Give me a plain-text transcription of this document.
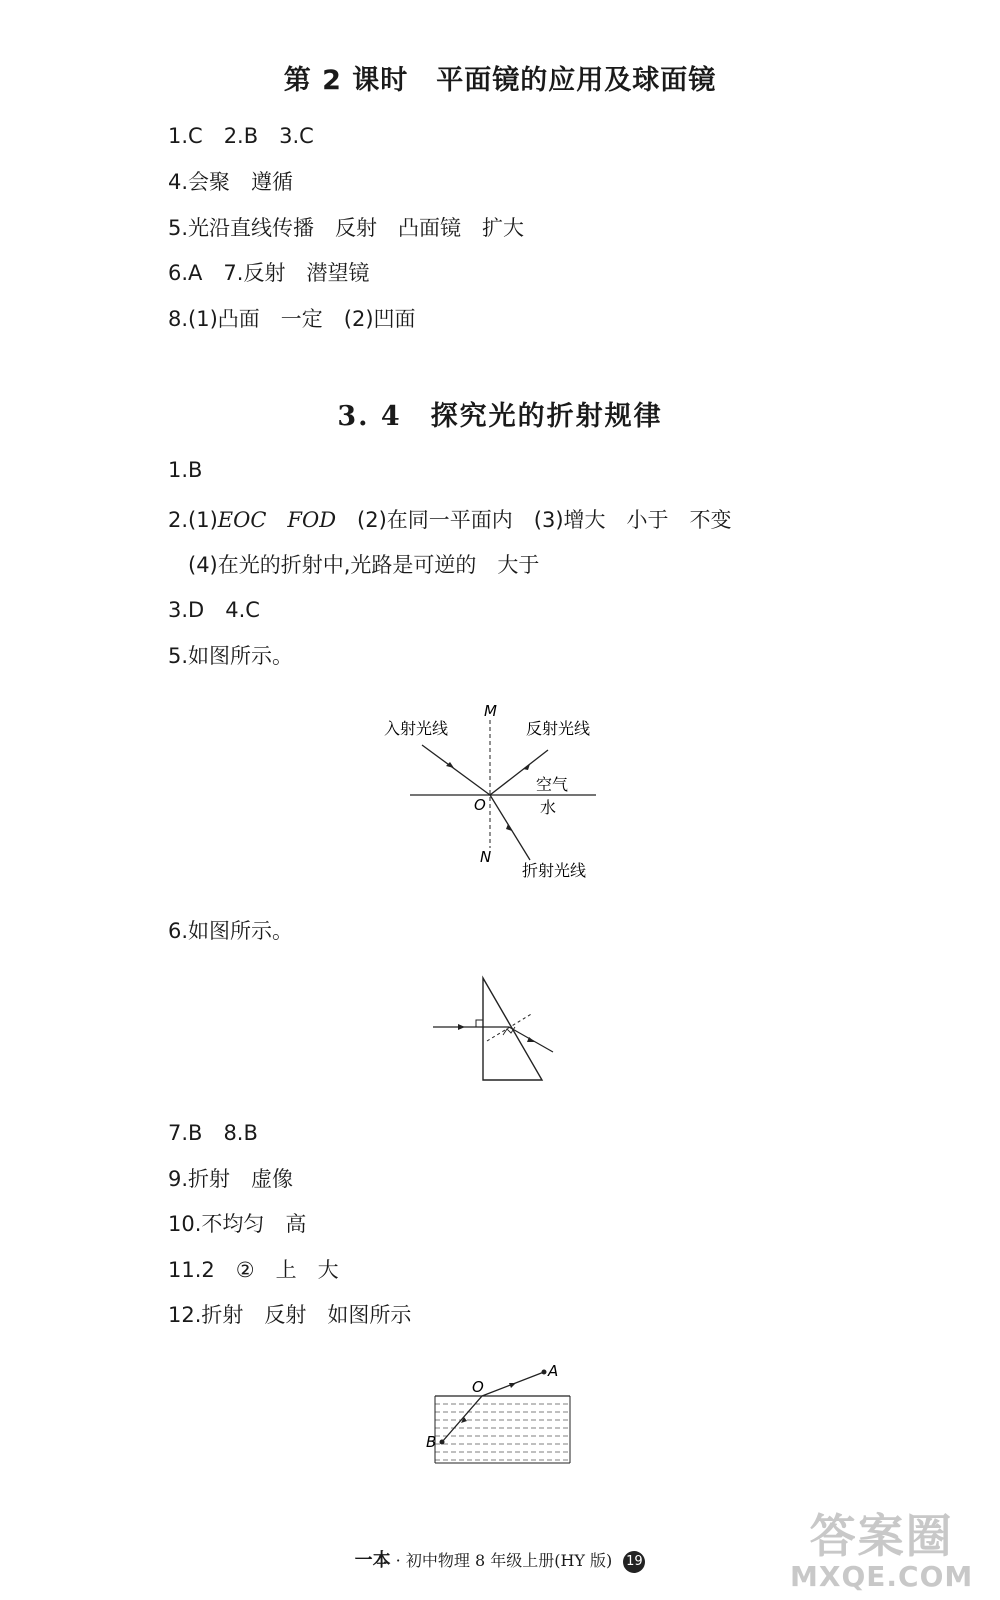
第 2 课时　平面镜的应用及球面镜
1.C　2.B　3.C
4.会聚　遵循
5.光沿直线传播　反射　凸面镜　扩大
6.A　7.反射　潜望镜
8.(1)凸面　一定　(2)凹面
3. 4　探究光的折射规律
1.B
2.(1)EOC　 FOD　 (2)在同一平面内　(3)增大　小于　不变
(4)在光的折射中,光路是可逆的　大于
3.D　4.C
5.如图所示。
M
N
O
入射光线	反射光线
空气
水
折射光线
6.如图所示。
7.B　8.B
9.折射　虚像
10.不均匀　高
11.2　②　上　大
12.折射　反射　如图所示
O
A
B
一本 · 初中物理 8 年级上册(HY 版) 19	答案圈
MXQE.COM
